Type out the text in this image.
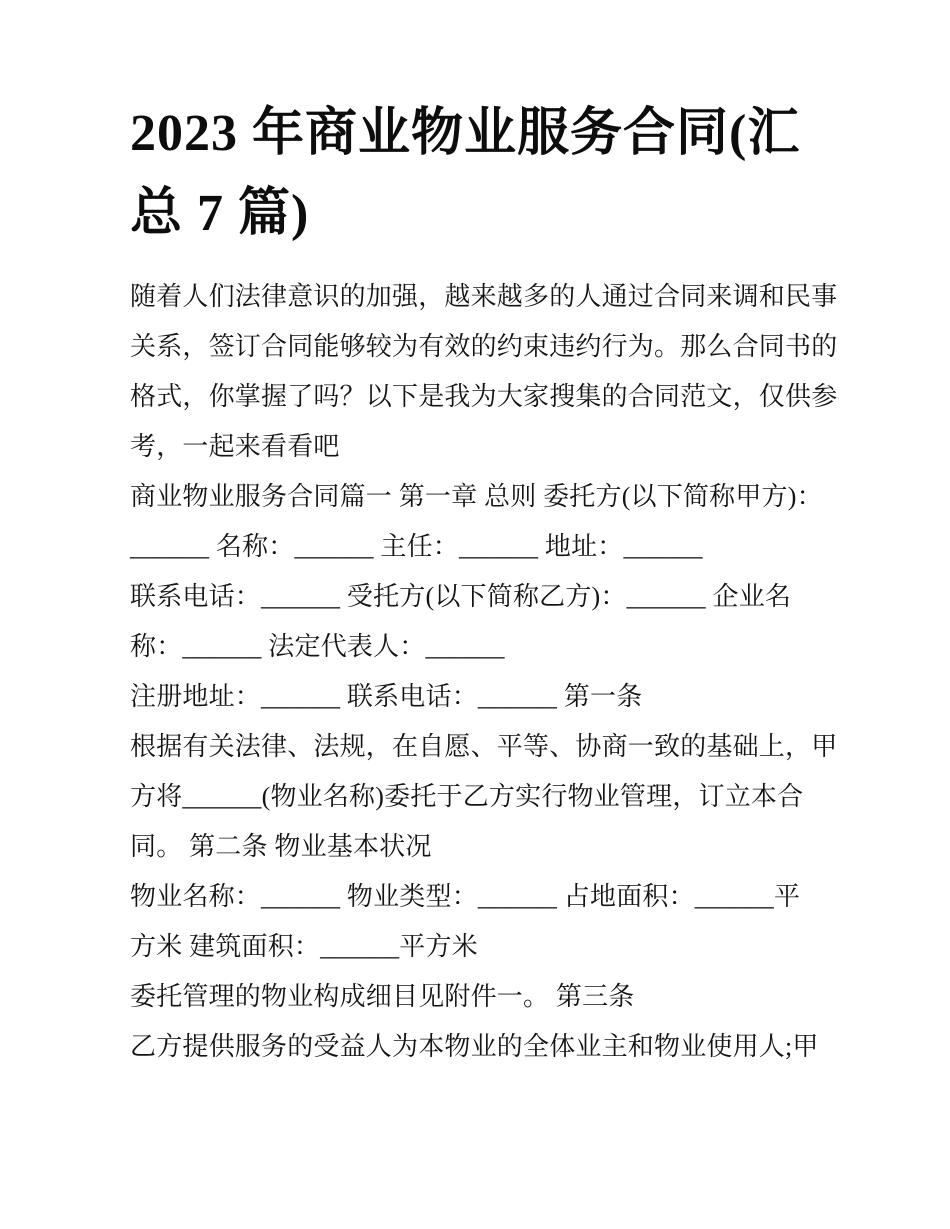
2023 年商业物业服务合同(汇
总 7 篇)
随着人们法律意识的加强，越来越多的人通过合同来调和民事
关系，签订合同能够较为有效的约束违约行为。那么合同书的
格式，你掌握了吗？以下是我为大家搜集的合同范文，仅供参
考，一起来看看吧
商业物业服务合同篇一 第一章 总则 委托方(以下简称甲方)：
______ 名称：______ 主任：______ 地址：______
联系电话：______ 受托方(以下简称乙方)：______ 企业名
称：______ 法定代表人：______
注册地址：______ 联系电话：______ 第一条
根据有关法律、法规，在自愿、平等、协商一致的基础上，甲
方将______(物业名称)委托于乙方实行物业管理，订立本合
同。 第二条 物业基本状况
物业名称：______ 物业类型：______ 占地面积：______平
方米 建筑面积：______平方米
委托管理的物业构成细目见附件一。 第三条
乙方提供服务的受益人为本物业的全体业主和物业使用人;甲
